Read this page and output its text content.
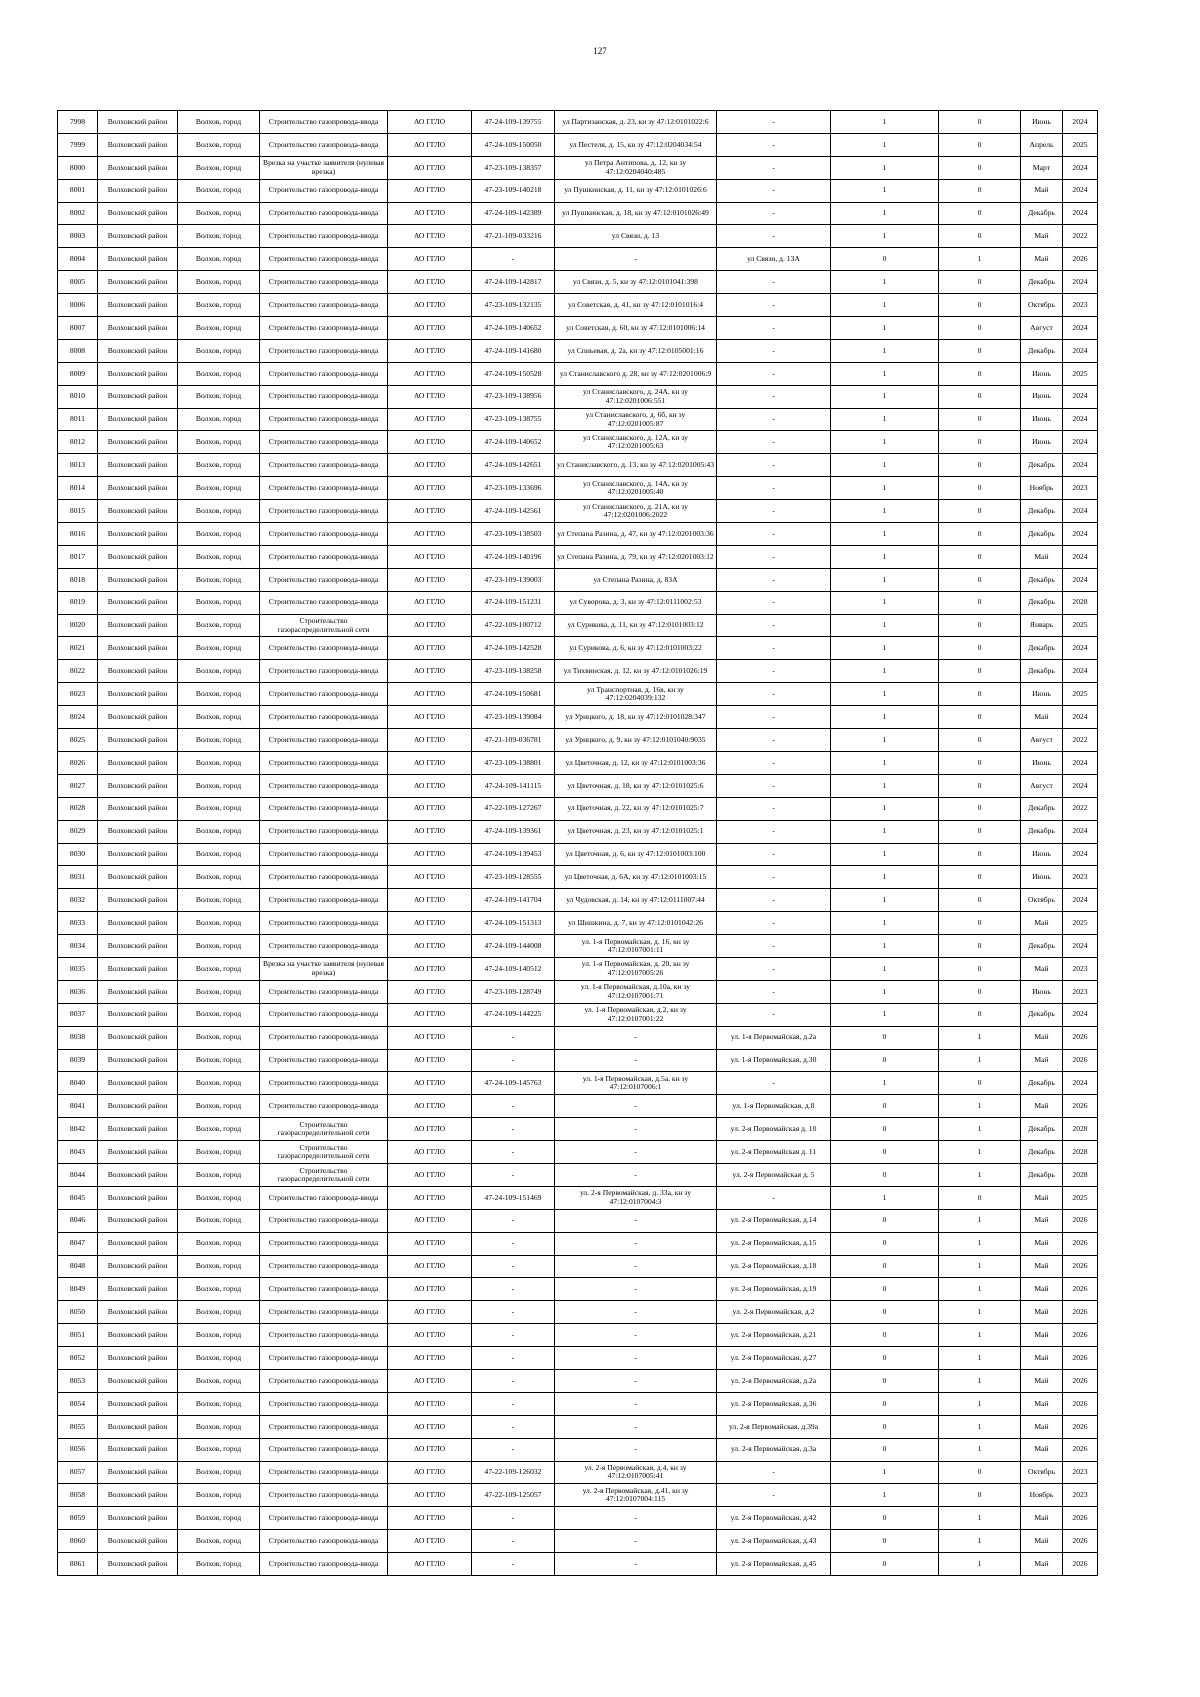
127
7998	Волховский район	Волхов, город	Строительство газопровода-ввода	АО ГГЛО	47-24-109-139755	ул Партизанская, д. 23, кн зу 47:12:0101022:6	-	1	0	Июнь	2024
7999	Волховский район	Волхов, город	Строительство газопровода-ввода	АО ГГЛО	47-24-109-150050	ул Пестеля, д. 15, кн зу 47:12:0204034:54	-	1	0	Апрель	2025
8000	Волховский район	Волхов, город	Врезка на участке заявителя (нулевая врезка)	АО ГГЛО	47-23-109-138357	ул Петра Антипова, д. 12, кн зу 47:12:0204040:485	-	1	0	Март	2024
8001	Волховский район	Волхов, город	Строительство газопровода-ввода	АО ГГЛО	47-23-109-140218	ул Пушкинская, д. 11, кн зу 47:12:0101026:6	-	1	0	Май	2024
8002	Волховский район	Волхов, город	Строительство газопровода-ввода	АО ГГЛО	47-24-109-142389	ул Пушкинская, д. 18, кн зу 47:12:0101026:49	-	1	0	Декабрь	2024
8003	Волховский район	Волхов, город	Строительство газопровода-ввода	АО ГГЛО	47-21-109-033216	ул Связи, д. 13	-	1	0	Май	2022
8004	Волховский район	Волхов, город	Строительство газопровода-ввода	АО ГГЛО	-	-	ул Связи, д. 13А	0	1	Май	2026
8005	Волховский район	Волхов, город	Строительство газопровода-ввода	АО ГГЛО	47-24-109-142817	ул Связи, д. 5, кн зу 47:12:0101041:398	-	1	0	Декабрь	2024
8006	Волховский район	Волхов, город	Строительство газопровода-ввода	АО ГГЛО	47-23-109-132135	ул Советская, д. 41, кн зу 47:12:0101016:4	-	1	0	Октябрь	2023
8007	Волховский район	Волхов, город	Строительство газопровода-ввода	АО ГГЛО	47-24-109-140652	ул Советская, д. 60, кн зу 47:12:0101006:14	-	1	0	Август	2024
8008	Волховский район	Волхов, город	Строительство газопровода-ввода	АО ГГЛО	47-24-109-141680	ул Спиьевая, д. 2а, кн зу 47:12:0105001:16	-	1	0	Декабрь	2024
8009	Волховский район	Волхов, город	Строительство газопровода-ввода	АО ГГЛО	47-24-109-150528	ул Станиславского д. 28, кн зу 47:12:0201006:9	-	1	0	Июнь	2025
8010	Волховский район	Волхов, город	Строительство газопровода-ввода	АО ГГЛО	47-23-109-138956	ул Станиславского, д. 24А, кн зу 47:12:0201006:551	-	1	0	Июнь	2024
8011	Волховский район	Волхов, город	Строительство газопровода-ввода	АО ГГЛО	47-23-109-138755	ул Станиславского, д. 6б, кн зу 47:12:0201005:87	-	1	0	Июнь	2024
8012	Волховский район	Волхов, город	Строительство газопровода-ввода	АО ГГЛО	47-24-109-140652	ул Станиславского, д. 12А, кн зу 47:12:0201005:63	-	1	0	Июнь	2024
8013	Волховский район	Волхов, город	Строительство газопровода-ввода	АО ГГЛО	47-24-109-142651	ул Станиславского, д. 13, кн зу 47:12:0201005:43	-	1	0	Декабрь	2024
8014	Волховский район	Волхов, город	Строительство газопровода-ввода	АО ГГЛО	47-23-109-133696	ул Станиславского, д. 14А, кн зу 47:12:0201005:40	-	1	0	Ноябрь	2023
8015	Волховский район	Волхов, город	Строительство газопровода-ввода	АО ГГЛО	47-24-109-142561	ул Станиславского, д. 21А, кн зу 47:12:0201006:2022	-	1	0	Декабрь	2024
8016	Волховский район	Волхов, город	Строительство газопровода-ввода	АО ГГЛО	47-23-109-138503	ул Степана Разина, д. 47, кн зу 47:12:0201003:36	-	1	0	Декабрь	2024
8017	Волховский район	Волхов, город	Строительство газопровода-ввода	АО ГГЛО	47-24-109-140196	ул Степана Разина, д. 79, кн зу 47:12:0201003:12	-	1	0	Май	2024
8018	Волховский район	Волхов, город	Строительство газопровода-ввода	АО ГГЛО	47-23-109-139003	ул Степана Разина, д. 83А	-	1	0	Декабрь	2024
8019	Волховский район	Волхов, город	Строительство газопровода-ввода	АО ГГЛО	47-24-109-151231	ул Суворова, д. 3, кн зу 47:12:0111002:53	-	1	0	Декабрь	2028
8020	Волховский район	Волхов, город	Строительство газораспределительной сети	АО ГГЛО	47-22-109-100712	ул Сурикова, д. 11, кн зу 47:12:0101003:12	-	1	0	Январь	2025
8021	Волховский район	Волхов, город	Строительство газопровода-ввода	АО ГГЛО	47-24-109-142528	ул Сурикова, д. 6, кн зу 47:12:0101003:22	-	1	0	Декабрь	2024
8022	Волховский район	Волхов, город	Строительство газопровода-ввода	АО ГГЛО	47-23-109-138258	ул Тихвинская, д. 12, кн зу 47:12:0101026:19	-	1	0	Декабрь	2024
8023	Волховский район	Волхов, город	Строительство газопровода-ввода	АО ГГЛО	47-24-109-150681	ул Транспортная, д. 16в, кн зу 47:12:0204039:132	-	1	0	Июнь	2025
8024	Волховский район	Волхов, город	Строительство газопровода-ввода	АО ГГЛО	47-23-109-139084	ул Урицкого, д. 18, кн зу 47:12:0101028:347	-	1	0	Май	2024
8025	Волховский район	Волхов, город	Строительство газопровода-ввода	АО ГГЛО	47-21-109-036781	ул Урицкого, д. 9, кн зу 47:12:0101040:9035	-	1	0	Август	2022
8026	Волховский район	Волхов, город	Строительство газопровода-ввода	АО ГГЛО	47-23-109-138801	ул Цветочная, д. 12, кн зу 47:12:0101003:36	-	1	0	Июнь	2024
8027	Волховский район	Волхов, город	Строительство газопровода-ввода	АО ГГЛО	47-24-109-141115	ул Цветочная, д. 18, кн зу 47:12:0101025:6	-	1	0	Август	2024
8028	Волховский район	Волхов, город	Строительство газопровода-ввода	АО ГГЛО	47-22-109-127267	ул Цветочная, д. 22, кн зу 47:12:0101025:7	-	1	0	Декабрь	2022
8029	Волховский район	Волхов, город	Строительство газопровода-ввода	АО ГГЛО	47-24-109-139361	ул Цветочная, д. 23, кн зу 47:12:0101025:1	-	1	0	Декабрь	2024
8030	Волховский район	Волхов, город	Строительство газопровода-ввода	АО ГГЛО	47-24-109-139453	ул Цветочная, д. 6, кн зу 47:12:0101003:100	-	1	0	Июнь	2024
8031	Волховский район	Волхов, город	Строительство газопровода-ввода	АО ГГЛО	47-23-109-128555	ул Цветочная, д. 6А, кн зу 47:12:0101003:15	-	1	0	Июнь	2023
8032	Волховский район	Волхов, город	Строительство газопровода-ввода	АО ГГЛО	47-24-109-141704	ул Чудовская, д. 14, кн зу 47:12:0111007:44	-	1	0	Октябрь	2024
8033	Волховский район	Волхов, город	Строительство газопровода-ввода	АО ГГЛО	47-24-109-151313	ул Шишкина, д. 7, кн зу 47:12:0101042:26	-	1	0	Май	2025
8034	Волховский район	Волхов, город	Строительство газопровода-ввода	АО ГГЛО	47-24-109-144008	ул. 1-я Первомайская, д. 16, кн зу 47:12:0107001:11	-	1	0	Декабрь	2024
8035	Волховский район	Волхов, город	Врезка на участке заявителя (нулевая врезка)	АО ГГЛО	47-24-109-140512	ул. 1-я Первомайская, д. 20, кн зу 47:12:0107005:26	-	1	0	Май	2023
8036	Волховский район	Волхов, город	Строительство газопровода-ввода	АО ГГЛО	47-23-109-128749	ул. 1-я Первомайская, д.10а, кн зу 47:12:0107001:71	-	1	0	Июнь	2023
8037	Волховский район	Волхов, город	Строительство газопровода-ввода	АО ГГЛО	47-24-109-144225	ул. 1-я Первомайская, д.2, кн зу 47:12:0107001:22	-	1	0	Декабрь	2024
8038	Волховский район	Волхов, город	Строительство газопровода-ввода	АО ГГЛО	-	-	ул. 1-я Первомайская, д.2а	0	1	Май	2026
8039	Волховский район	Волхов, город	Строительство газопровода-ввода	АО ГГЛО	-	-	ул. 1-я Первомайская, д.30	0	1	Май	2026
8040	Волховский район	Волхов, город	Строительство газопровода-ввода	АО ГГЛО	47-24-109-145763	ул. 1-я Первомайская, д.5а, кн зу 47:12:0107006:1	-	1	0	Декабрь	2024
8041	Волховский район	Волхов, город	Строительство газопровода-ввода	АО ГГЛО	-	-	ул. 1-я Первомайская, д.8	0	1	Май	2026
8042	Волховский район	Волхов, город	Строительство газораспределительной сети	АО ГГЛО	-	-	ул. 2-я Первомайская д. 10	0	1	Декабрь	2028
8043	Волховский район	Волхов, город	Строительство газораспределительной сети	АО ГГЛО	-	-	ул. 2-я Первомайская д. 11	0	1	Декабрь	2028
8044	Волховский район	Волхов, город	Строительство газораспределительной сети	АО ГГЛО	-	-	ул. 2-я Первомайская д. 5	0	1	Декабрь	2028
8045	Волховский район	Волхов, город	Строительство газопровода-ввода	АО ГГЛО	47-24-109-151469	ул. 2-я Первомайская, д. 33а, кн зу 47:12:0107004:3	-	1	0	Май	2025
8046	Волховский район	Волхов, город	Строительство газопровода-ввода	АО ГГЛО	-	-	ул. 2-я Первомайская, д.14	0	1	Май	2026
8047	Волховский район	Волхов, город	Строительство газопровода-ввода	АО ГГЛО	-	-	ул. 2-я Первомайская, д.15	0	1	Май	2026
8048	Волховский район	Волхов, город	Строительство газопровода-ввода	АО ГГЛО	-	-	ул. 2-я Первомайская, д.18	0	1	Май	2026
8049	Волховский район	Волхов, город	Строительство газопровода-ввода	АО ГГЛО	-	-	ул. 2-я Первомайская, д.19	0	1	Май	2026
8050	Волховский район	Волхов, город	Строительство газопровода-ввода	АО ГГЛО	-	-	ул. 2-я Первомайская, д.2	0	1	Май	2026
8051	Волховский район	Волхов, город	Строительство газопровода-ввода	АО ГГЛО	-	-	ул. 2-я Первомайская, д.21	0	1	Май	2026
8052	Волховский район	Волхов, город	Строительство газопровода-ввода	АО ГГЛО	-	-	ул. 2-я Первомайская, д.27	0	1	Май	2026
8053	Волховский район	Волхов, город	Строительство газопровода-ввода	АО ГГЛО	-	-	ул. 2-я Первомайская, д.2а	0	1	Май	2026
8054	Волховский район	Волхов, город	Строительство газопровода-ввода	АО ГГЛО	-	-	ул. 2-я Первомайская, д.36	0	1	Май	2026
8055	Волховский район	Волхов, город	Строительство газопровода-ввода	АО ГГЛО	-	-	ул. 2-я Первомайская, д.39а	0	1	Май	2026
8056	Волховский район	Волхов, город	Строительство газопровода-ввода	АО ГГЛО	-	-	ул. 2-я Первомайская, д.3а	0	1	Май	2026
8057	Волховский район	Волхов, город	Строительство газопровода-ввода	АО ГГЛО	47-22-109-126032	ул. 2-я Первомайская, д.4, кн зу 47:12:0107005:41	-	1	0	Октябрь	2023
8058	Волховский район	Волхов, город	Строительство газопровода-ввода	АО ГГЛО	47-22-109-125057	ул. 2-я Первомайская, д.41, кн зу 47:12:0107004:115	-	1	0	Ноябрь	2023
8059	Волховский район	Волхов, город	Строительство газопровода-ввода	АО ГГЛО	-	-	ул. 2-я Первомайская, д.42	0	1	Май	2026
8060	Волховский район	Волхов, город	Строительство газопровода-ввода	АО ГГЛО	-	-	ул. 2-я Первомайская, д.43	0	1	Май	2026
8061	Волховский район	Волхов, город	Строительство газопровода-ввода	АО ГГЛО	-	-	ул. 2-я Первомайская, д.45	0	1	Май	2026
